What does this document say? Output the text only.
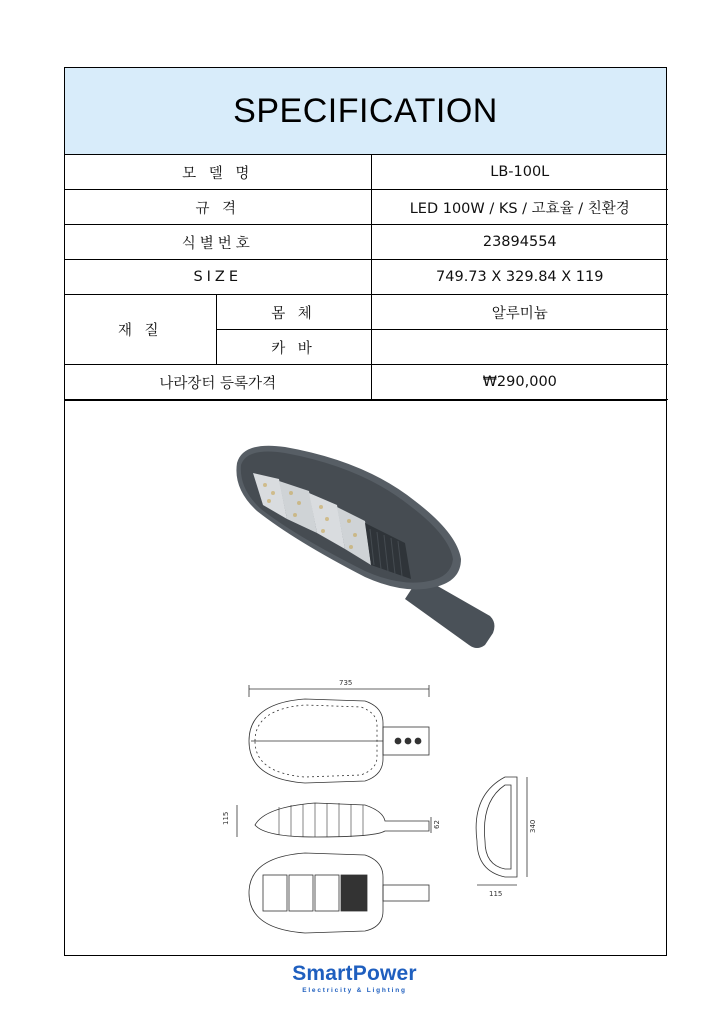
SPECIFICATION
모 델 명		LB-100L
규 격		LED 100W / KS / 고효율 / 친환경
식별번호		23894554
SIZE		749.73 X 329.84 X 119
재 질	몸 체	알루미늄
	카 바	
나라장터 등록가격		₩290,000
735
115	62	340
115
SmartPower
Electricity & Lighting
